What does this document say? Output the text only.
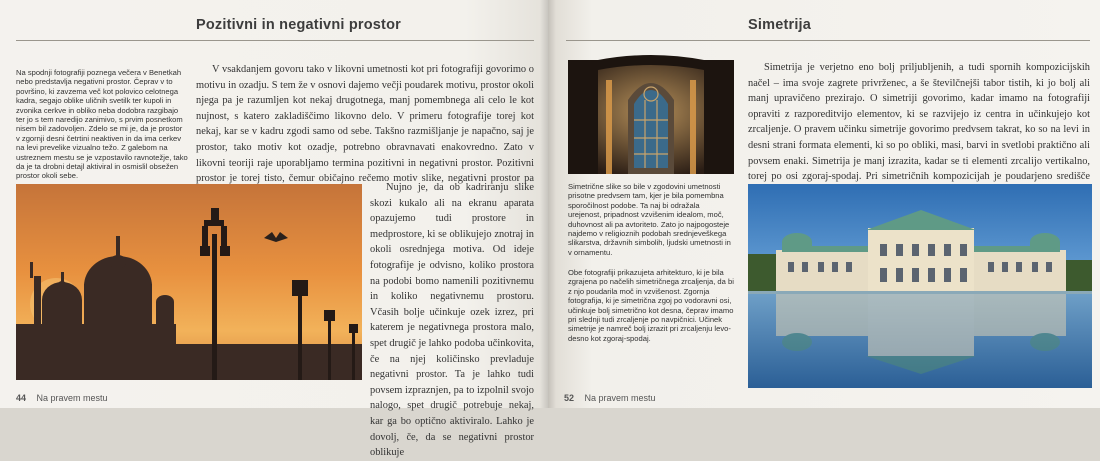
Pozitivni in negativni prostor

Na spodnji fotografiji poznega večera v Benetkah nebo predstavlja negativni prostor. Čeprav v to površino, ki zavzema več kot polovico celotnega kadra, segajo oblike uličnih svetilk ter kupoli in zvonika cerkve in obliko neba dodobra razgibajo ter jo s tem naredijo zanimivo, s prvim posnetkom nisem bil zadovoljen. Zdelo se mi je, da je prostor v zgornji desni četrtini neaktiven in da ima cerkev na levi prevelike vizualno težo. Z galebom na ustreznem mestu se je vzpostavilo ravnotežje, tako da je ta drobni detajl aktiviral in osmislil obsežen prostor okoli sebe.

V vsakdanjem govoru tako v likovni umetnosti kot pri fotografiji govorimo o motivu in ozadju. S tem že v osnovi dajemo večji poudarek motivu, prostor okoli njega pa je razumljen kot nekaj drugotnega, manj pomembnega ali celo le kot nujnost, s katero zakladiščimo likovno delo. V primeru fotografije torej kot nekaj, kar se v kadru zgodi samo od sebe. Takšno razmišljanje je napačno, saj je prostor, tako motiv kot ozadje, potrebno obravnavati enakovredno. Zato v likovni teoriji raje uporabljamo termina pozitivni in negativni prostor. Pozitivni prostor je torej tisto, čemur običajno rečemo motiv slike, negativni prostor pa

Nujno je, da ob kadriranju slike skozi kukalo ali na ekranu aparata opazujemo tudi prostore in medprostore, ki se oblikujejo znotraj in okoli osrednjega motiva. Od ideje fotografije je odvisno, koliko prostora na podobi bomo namenili pozitivnemu in koliko negativnemu prostoru. Včasih bolje učinkuje ozek izrez, pri katerem je negativnega prostora malo, spet drugič je lahko podoba učinkovita, če na njej količinsko prevladuje negativni prostor. Ta je lahko tudi povsem izpraznjen, pa to izpolnil svojo nalogo, spet drugič potrebuje nekaj, kar ga bo optično aktiviralo. Lahko je dovolj, če, da se negativni prostor oblikuje

44 Na pravem mestu
Simetrija

Simetrične slike so bile v zgodovini umetnosti prisotne predvsem tam, kjer je bila pomembna sporočilnost podobe. Ta naj bi odražala urejenost, pripadnost vzvišenim idealom, moč, duhovnost ali pa avtoriteto. Zato jo najpogosteje najdemo v religioznih podobah srednjeveškega slikarstva, državnih simbolih, ljudski umetnosti in v ornamentu.

Obe fotografiji prikazujeta arhitekturo, ki je bila zgrajena po načelih simetričnega zrcaljenja, da bi z njo poudarila moč in vzvišenost. Zgornja fotografija, ki je simetrična zgoj po vodoravni osi, učinkuje bolj simetrično kot desna, čeprav imamo pri slednji tudi zrcaljenje po navpičnici. Učinek simetrije je namreč bolj izrazit pri zrcaljenju levo-desno kot zgoraj-spodaj.

Simetrija je verjetno eno bolj priljubljenih, a tudi spornih kompozicijskih načel – ima svoje zagrete privrženec, a še številčnejši tabor tistih, ki jo bolj ali manj upravičeno prezirajo. O simetriji govorimo, kadar imamo na fotografiji opraviti z razporeditvijo elementov, ki se razvijejo iz centra in učinkujejo kot zrcaljenje. O pravem učinku simetrije govorimo predvsem takrat, ko so na levi in desni strani formata elementi, ki so po obliki, masi, barvi in svetlobi praktično ali povsem enaki. Simetrija je manj izrazita, kadar se ti elementi zrcalijo vertikalno, torej po osi zgoraj-spodaj. Pri simetričnih kompozicijah je poudarjeno središče

52 Na pravem mestu
